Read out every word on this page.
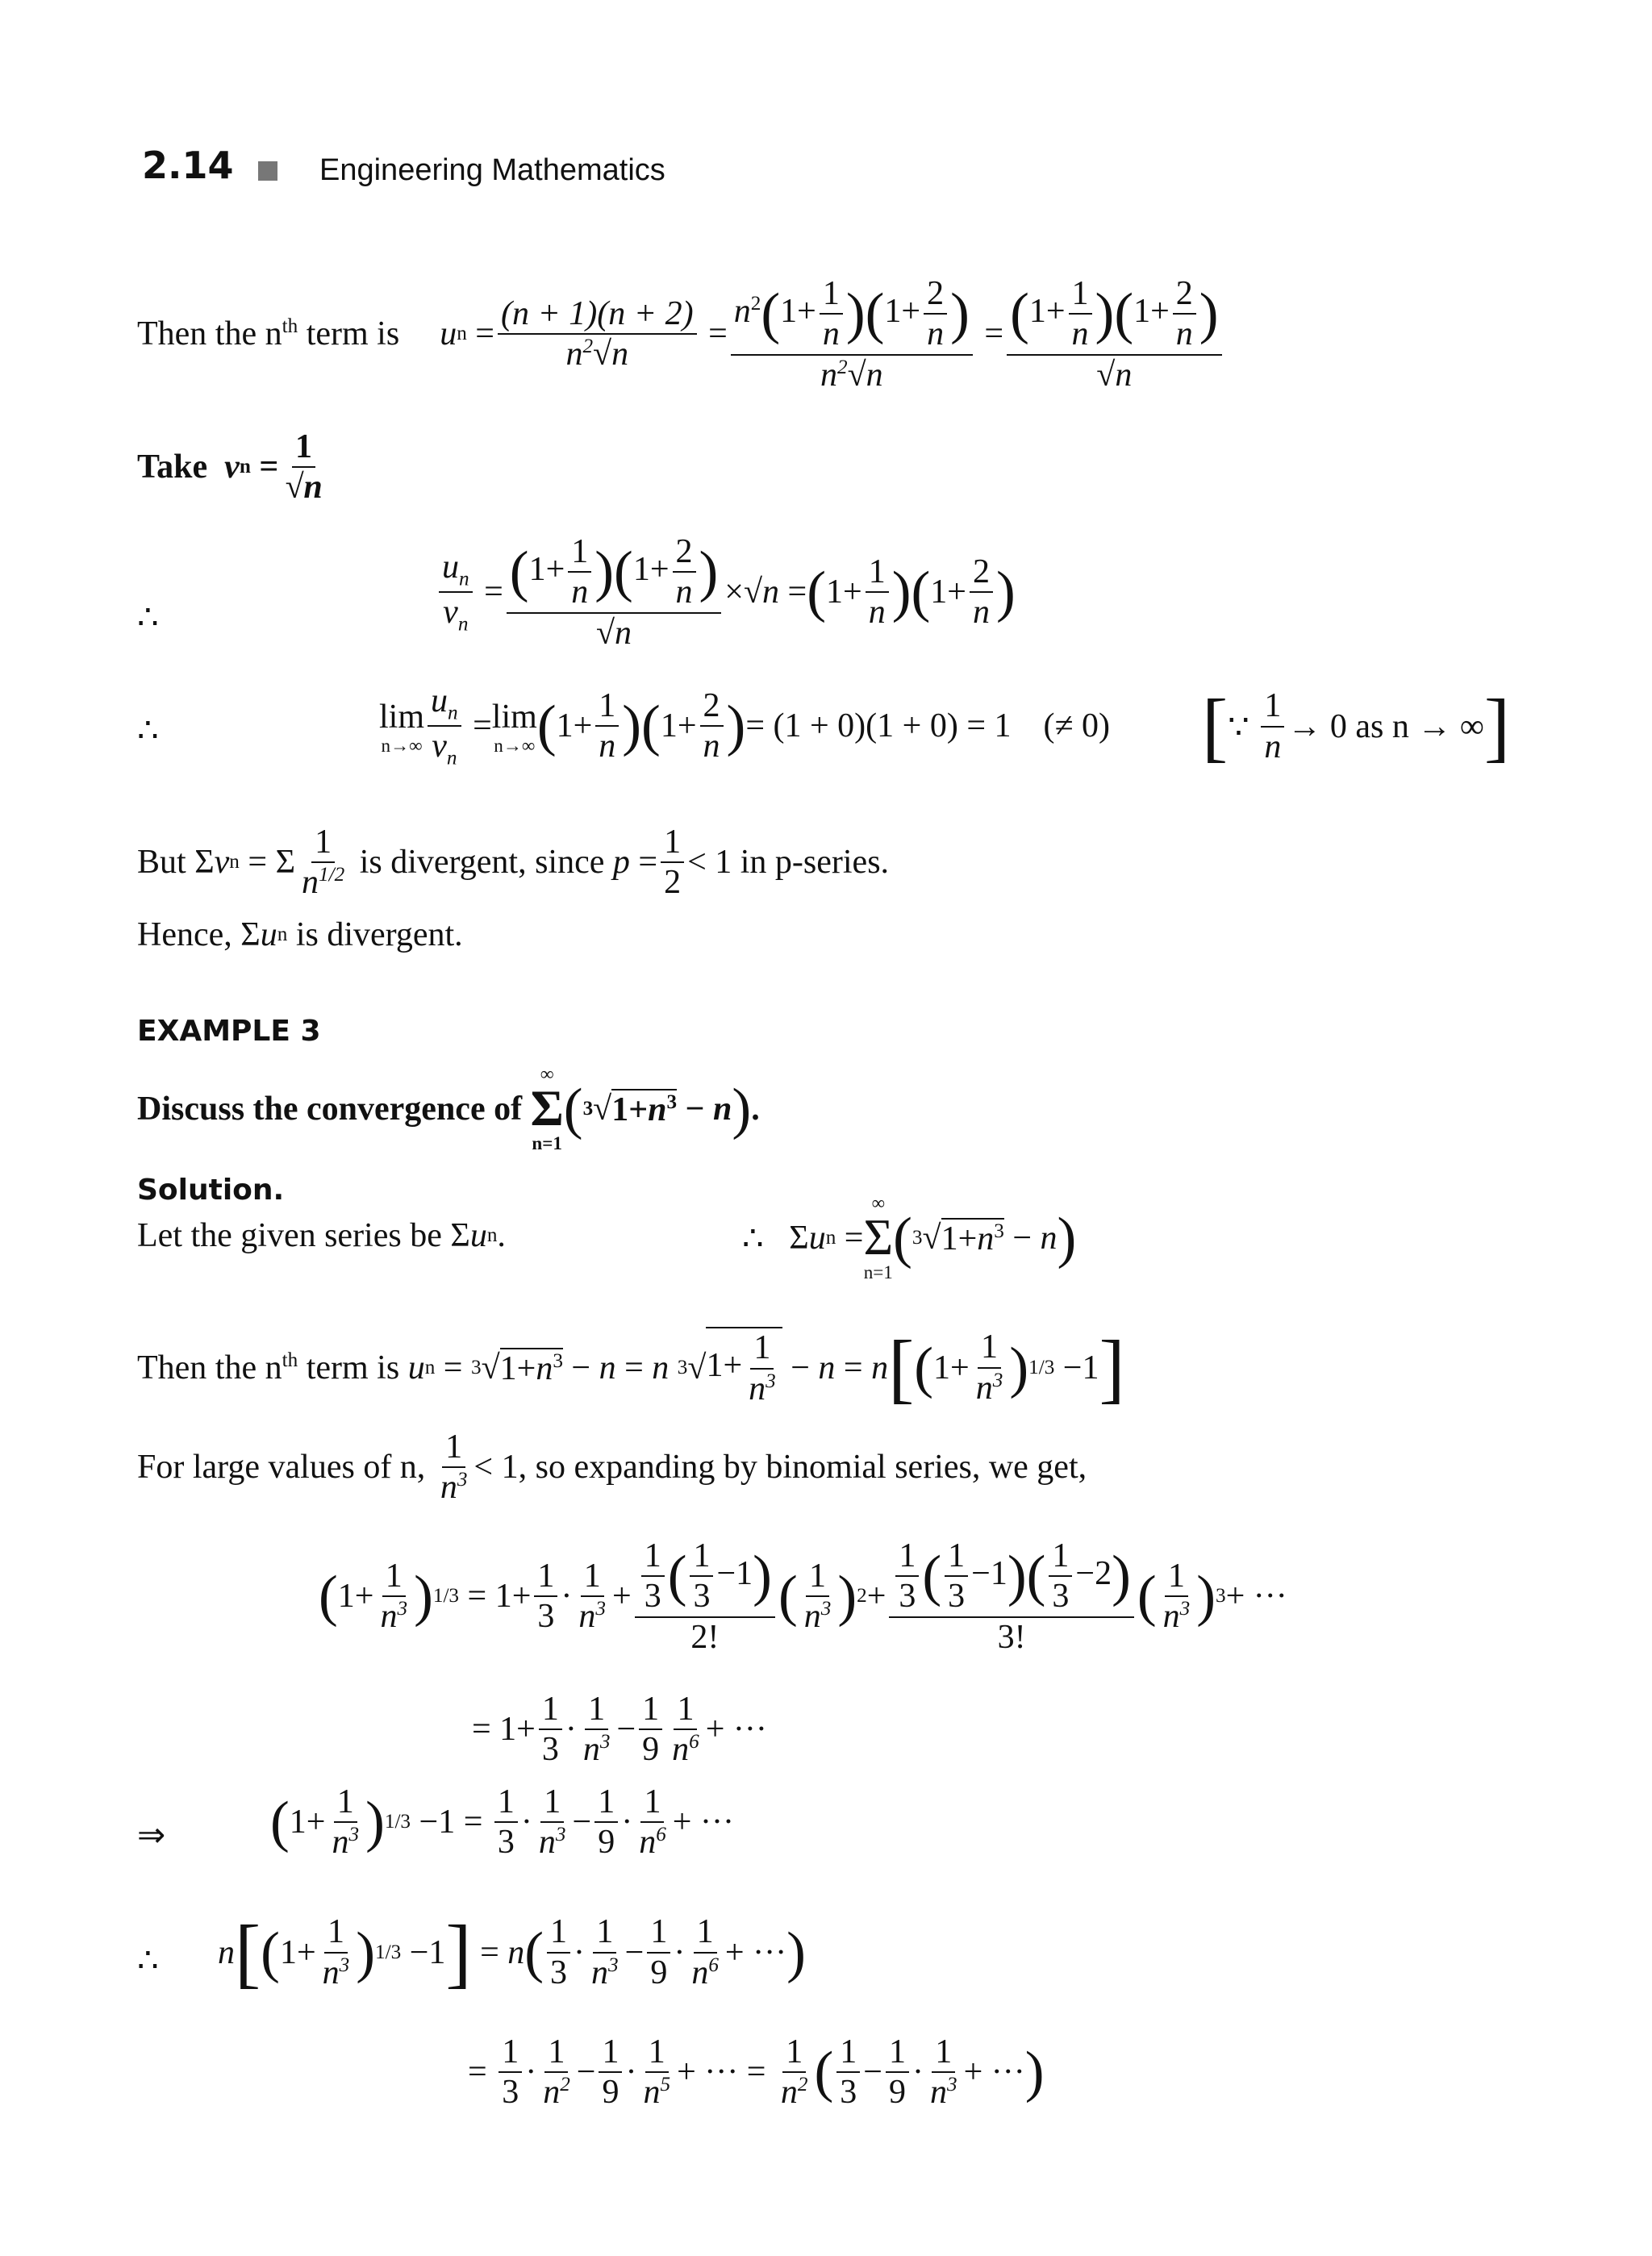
2.14	Engineering Mathematics
Then the $n^{th}$ term is u $n = \frac{(n + 1)(n + 2)}{n^2√n} = \frac{n^2(1+ \frac{1}{n} )(1+ \frac{2}{n} )}{n^2√n} = \frac{(1+ \frac{1}{n} )(1+ \frac{2}{n} )}{√n}$
Take
v $n = \frac{1}{√n}$
∴	$\frac{u_n}{v_n} = \frac{(1+ \frac{1}{n} )(1+ \frac{2}{n} )}{√n} \times √n$ = ( $1+ \frac{1}{n}$ )( $1+ \frac{2}{n}$ )
∴	lim
$n\to\infty \frac{u_n}{v_n} = \lim$
n→∞ ( $1+ \frac{1}{n}$ )( $1+ \frac{2}{n}$ ) = (1 + 0)(1 + 0) = 1 (≠ 0) [ ∵ $\frac{1}{n} \to 0$ as n → ∞ ]
But Σ v n = Σ $\frac{1}{n^{1/2}}$
is divergent, since
$p = \frac{1}{2} < 1$ in p-series.
Hence, Σ u n
is divergent.
EXAMPLE 3
Discuss the convergence of

∞
Σ
n=1
( 3 √ $1+n^3 - n$ ) .
Solution.
Let the given series be Σ u n .	∴ Σ u n =
∞
Σ
n=1
( 3 √ $1+n^3 - n$ )
Then the $n^{th}$ term is
u n = 3 √ $1+n^3 - n = n$
3 √ $1+ \frac{1}{n^3} - n = n$ [ ( $1+ \frac{1}{n^3}$ ) 1/3 −1 ]
For large values of n,
$\frac{1}{n^3} < 1$, so expanding by binomial series, we get,
( $1+ \frac{1}{n^3}$ ) $1/3 = 1+ \frac{1}{3} \cdot \frac{1}{n^3} + \frac{\frac{1}{3} ( \frac{1}{3} -1)}{2!}$ ( $\frac{1}{n^3}$ ) $2 + \frac{\frac{1}{3} ( \frac{1}{3} -1)( \frac{1}{3} -2)}{3!}$ ( $\frac{1}{n^3}$ ) 3 + ···
= $1+ \frac{1}{3} \cdot \frac{1}{n^3} - \frac{1}{9} \frac{1}{n^6}$ + ···
⇒ ( $1+ \frac{1}{n^3}$ ) $1/3 -1 = \frac{1}{3} \cdot \frac{1}{n^3} - \frac{1}{9} \cdot \frac{1}{n^6}$ + ···
∴ n [ ( $1+ \frac{1}{n^3}$ ) 1/3 −1 ] = n ( $\frac{1}{3} \cdot \frac{1}{n^3} - \frac{1}{9} \cdot \frac{1}{n^6}$ + ··· )
= $\frac{1}{3} \cdot \frac{1}{n^2} - \frac{1}{9} \cdot \frac{1}{n^5}$ + ··· = $\frac{1}{n^2}$ ( $\frac{1}{3} - \frac{1}{9} \cdot \frac{1}{n^3}$ + ··· )
